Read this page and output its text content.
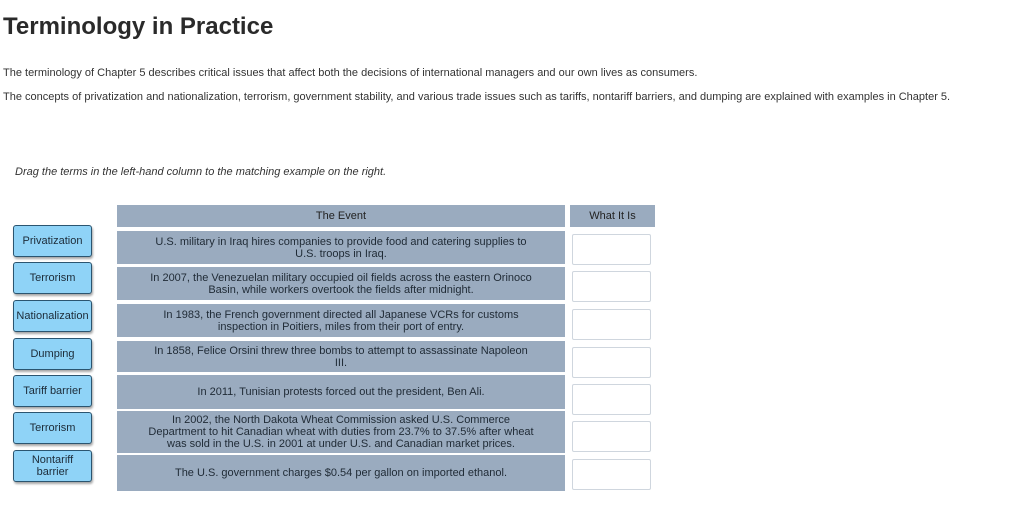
Terminology in Practice

The terminology of Chapter 5 describes critical issues that affect both the decisions of international managers and our own lives as consumers.

The concepts of privatization and nationalization, terrorism, government stability, and various trade issues such as tariffs, nontariff barriers, and dumping are explained with examples in Chapter 5.

Drag the terms in the left-hand column to the matching example on the right.

Privatization
Terrorism
Nationalization
Dumping
Tariff barrier
Terrorism
Nontariff barrier
The Event	What It Is
U.S. military in Iraq hires companies to provide food and catering supplies to U.S. troops in Iraq.
In 2007, the Venezuelan military occupied oil fields across the eastern Orinoco Basin, while workers overtook the fields after midnight.
In 1983, the French government directed all Japanese VCRs for customs inspection in Poitiers, miles from their port of entry.
In 1858, Felice Orsini threw three bombs to attempt to assassinate Napoleon III.
In 2011, Tunisian protests forced out the president, Ben Ali.
In 2002, the North Dakota Wheat Commission asked U.S. Commerce Department to hit Canadian wheat with duties from 23.7% to 37.5% after wheat was sold in the U.S. in 2001 at under U.S. and Canadian market prices.
The U.S. government charges $0.54 per gallon on imported ethanol.
